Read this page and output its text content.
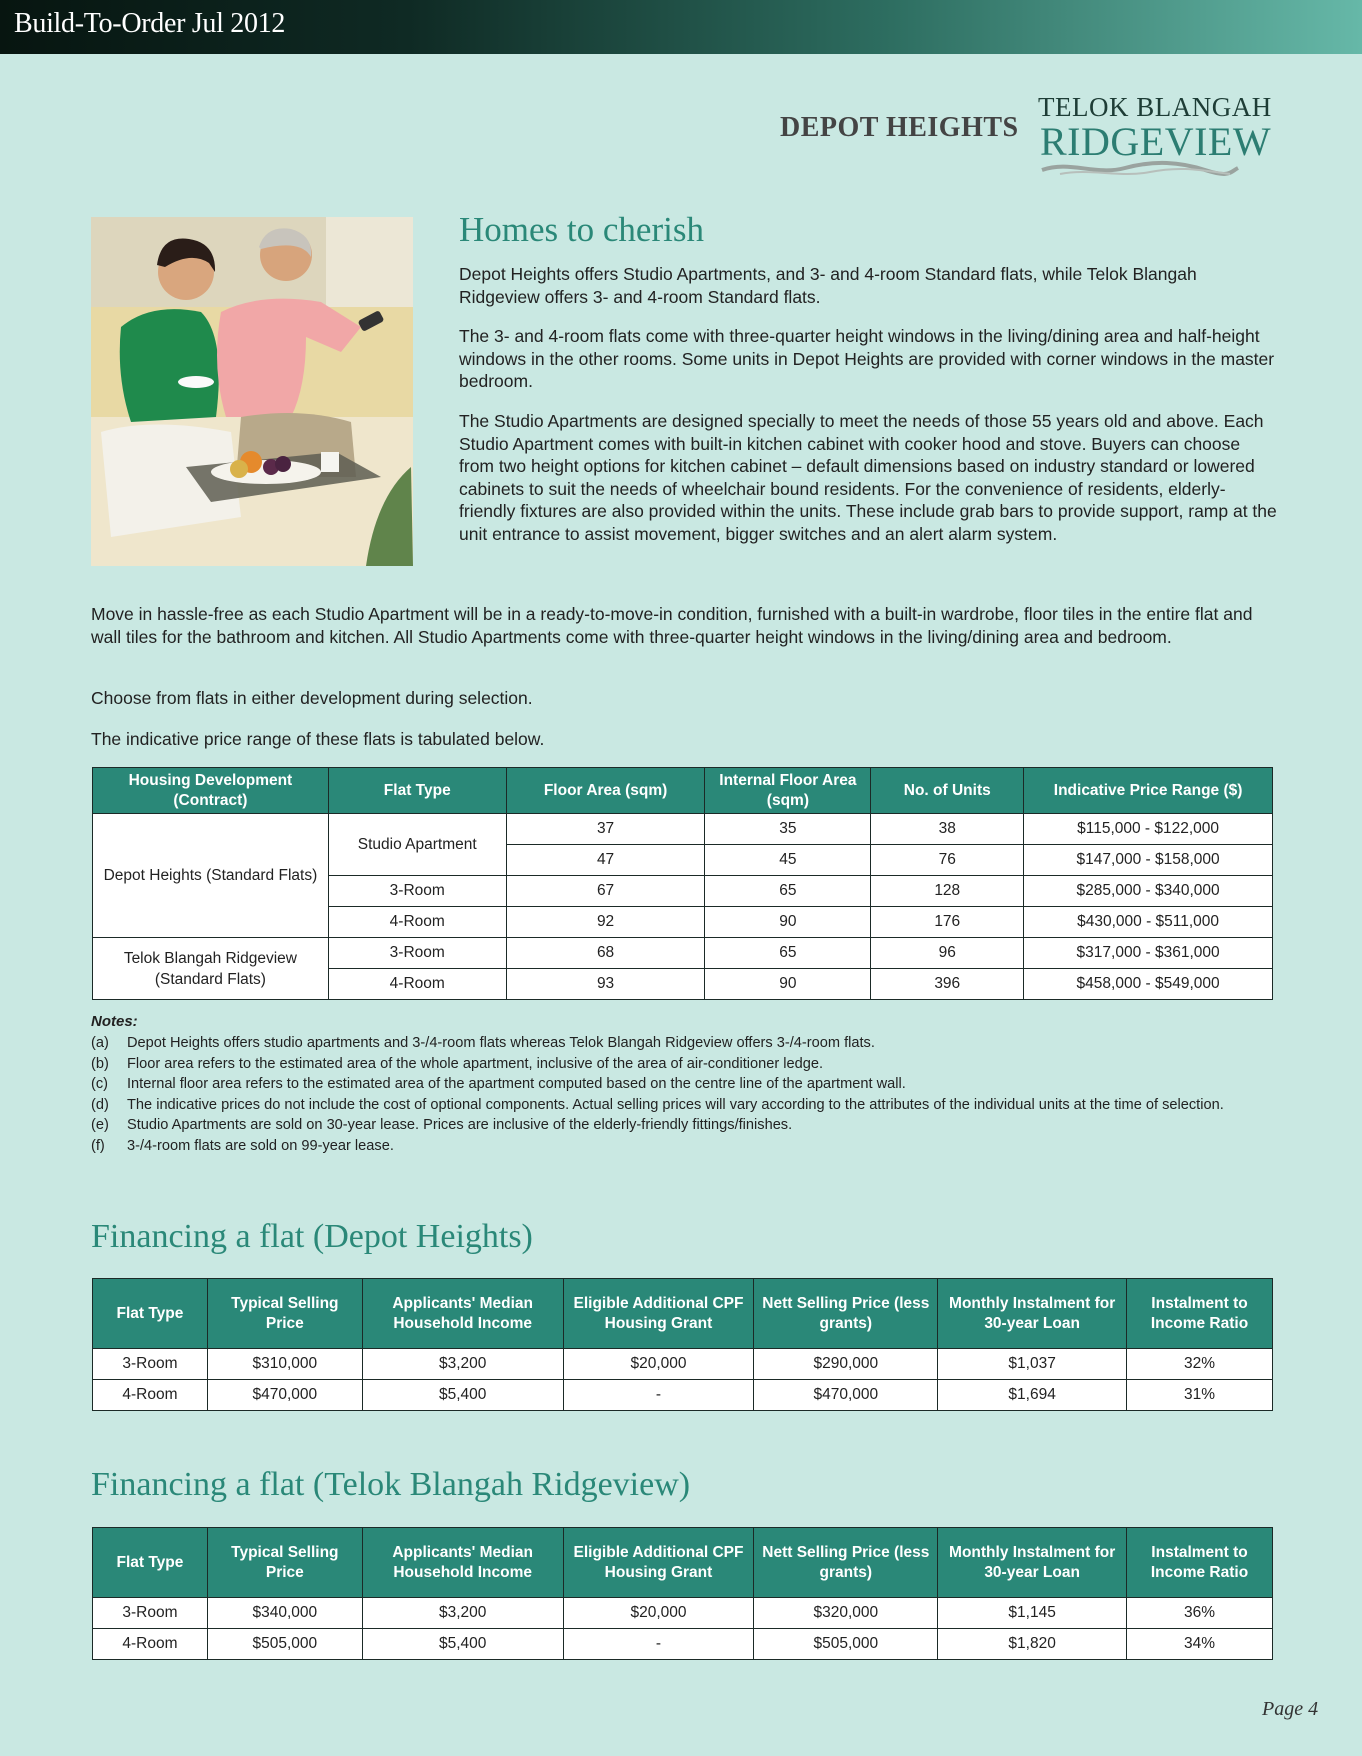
Build-To-Order Jul 2012
DEPOT HEIGHTS
TELOK BLANGAH
RIDGEVIEW
Homes to cherish

Depot Heights offers Studio Apartments, and 3- and 4-room Standard flats, while Telok Blangah Ridgeview offers 3- and 4-room Standard flats.

The 3- and 4-room flats come with three-quarter height windows in the living/dining area and half-height windows in the other rooms. Some units in Depot Heights are provided with corner windows in the master bedroom.

The Studio Apartments are designed specially to meet the needs of those 55 years old and above. Each Studio Apartment comes with built-in kitchen cabinet with cooker hood and stove. Buyers can choose from two height options for kitchen cabinet – default dimensions based on industry standard or lowered cabinets to suit the needs of wheelchair bound residents. For the convenience of residents, elderly-friendly fixtures are also provided within the units. These include grab bars to provide support, ramp at the unit entrance to assist movement, bigger switches and an alert alarm system.

Move in hassle-free as each Studio Apartment will be in a ready-to-move-in condition, furnished with a built-in wardrobe, floor tiles in the entire flat and wall tiles for the bathroom and kitchen. All Studio Apartments come with three-quarter height windows in the living/dining area and bedroom.

Choose from flats in either development during selection.

The indicative price range of these flats is tabulated below.

Housing Development (Contract)	Flat Type	Floor Area (sqm)	Internal Floor Area (sqm)	No. of Units	Indicative Price Range ($)
Depot Heights (Standard Flats)	Studio Apartment	37	35	38	$115,000 - $122,000
		47	45	76	$147,000 - $158,000
	3-Room	67	65	128	$285,000 - $340,000
	4-Room	92	90	176	$430,000 - $511,000
Telok Blangah Ridgeview (Standard Flats)	3-Room	68	65	96	$317,000 - $361,000
	4-Room	93	90	396	$458,000 - $549,000
Notes:
(a)	Depot Heights offers studio apartments and 3-/4-room flats whereas Telok Blangah Ridgeview offers 3-/4-room flats.
(b)	Floor area refers to the estimated area of the whole apartment, inclusive of the area of air-conditioner ledge.
(c)	Internal floor area refers to the estimated area of the apartment computed based on the centre line of the apartment wall.
(d)	The indicative prices do not include the cost of optional components. Actual selling prices will vary according to the attributes of the individual units at the time of selection.
(e)	Studio Apartments are sold on 30-year lease. Prices are inclusive of the elderly-friendly fittings/finishes.
(f)	3-/4-room flats are sold on 99-year lease.
Financing a flat (Depot Heights)
Flat Type	Typical Selling Price	Applicants' Median Household Income	Eligible Additional CPF Housing Grant	Nett Selling Price (less grants)	Monthly Instalment for 30-year Loan	Instalment to Income Ratio
3-Room	$310,000	$3,200	$20,000	$290,000	$1,037	32%
4-Room	$470,000	$5,400	-	$470,000	$1,694	31%
Financing a flat (Telok Blangah Ridgeview)
Flat Type	Typical Selling Price	Applicants' Median Household Income	Eligible Additional CPF Housing Grant	Nett Selling Price (less grants)	Monthly Instalment for 30-year Loan	Instalment to Income Ratio
3-Room	$340,000	$3,200	$20,000	$320,000	$1,145	36%
4-Room	$505,000	$5,400	-	$505,000	$1,820	34%
Page 4
